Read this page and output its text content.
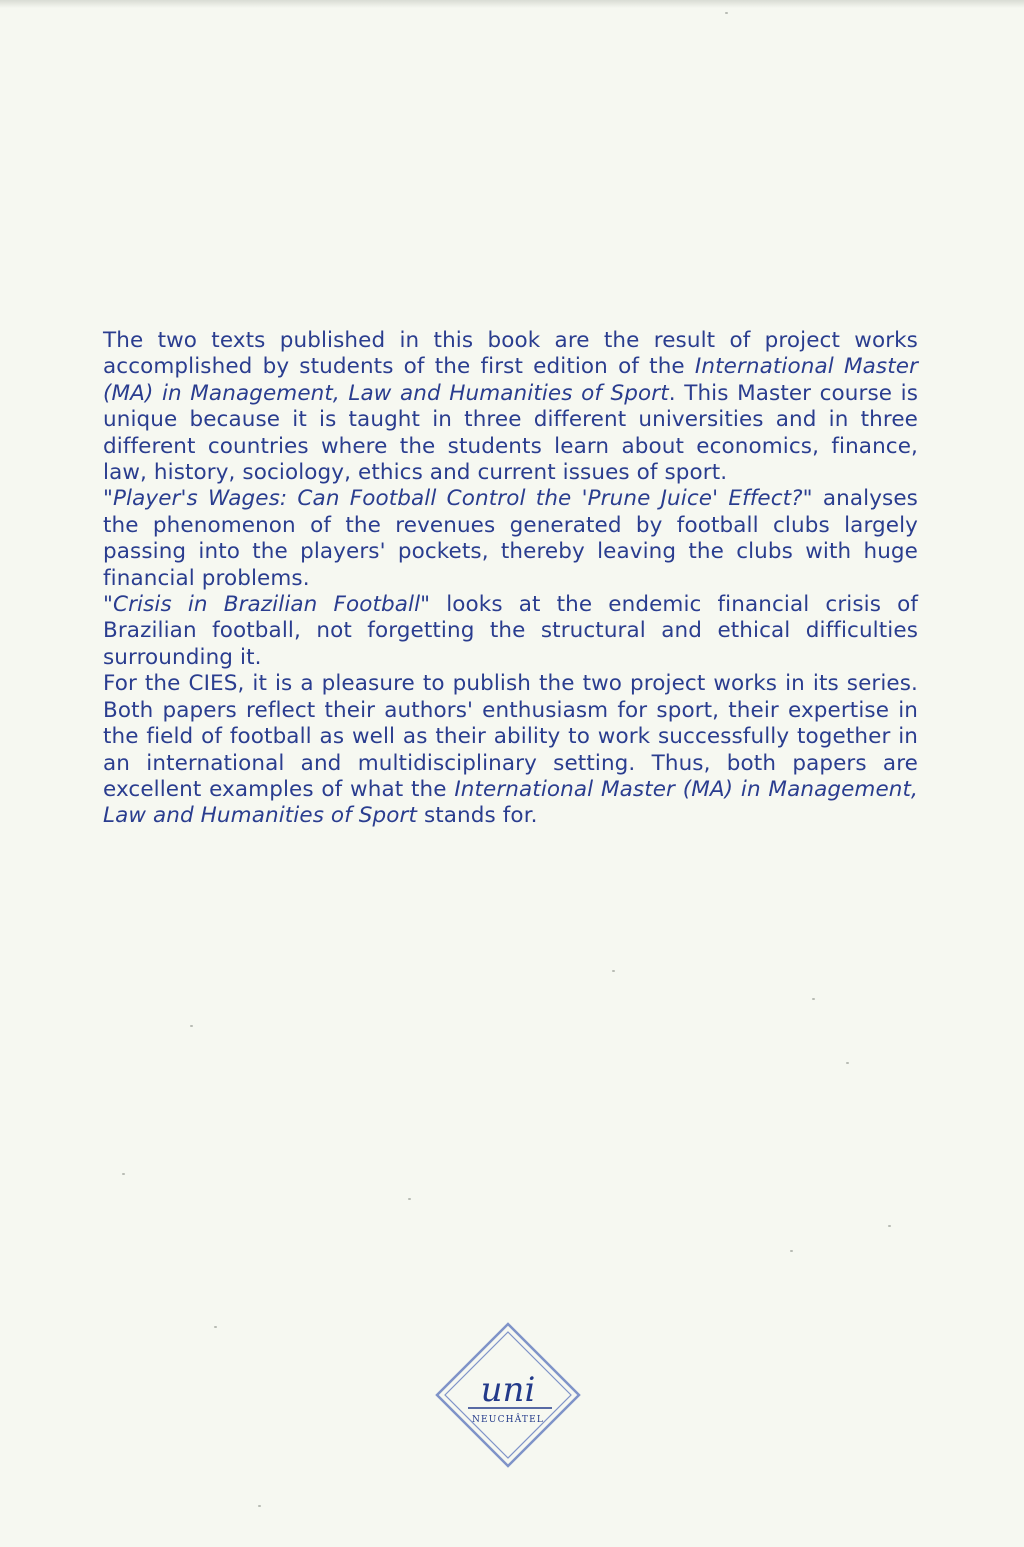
The two texts published in this book are the result of project works accomplished by students of the first edition of the International Master (MA) in Management, Law and Humanities of Sport. This Master course is unique because it is taught in three different universities and in three different countries where the students learn about economics, finance, law, history, sociology, ethics and current issues of sport.

"Player's Wages: Can Football Control the 'Prune Juice' Effect?" analyses the phenomenon of the revenues generated by football clubs largely passing into the players' pockets, thereby leaving the clubs with huge financial problems.

"Crisis in Brazilian Football" looks at the endemic financial crisis of Brazilian football, not forgetting the structural and ethical difficulties surrounding it.

For the CIES, it is a pleasure to publish the two project works in its series. Both papers reflect their authors' enthusiasm for sport, their expertise in the field of football as well as their ability to work successfully together in an international and multidisciplinary setting. Thus, both papers are excellent examples of what the International Master (MA) in Management, Law and Humanities of Sport stands for.

uni
NEUCHÂTEL
